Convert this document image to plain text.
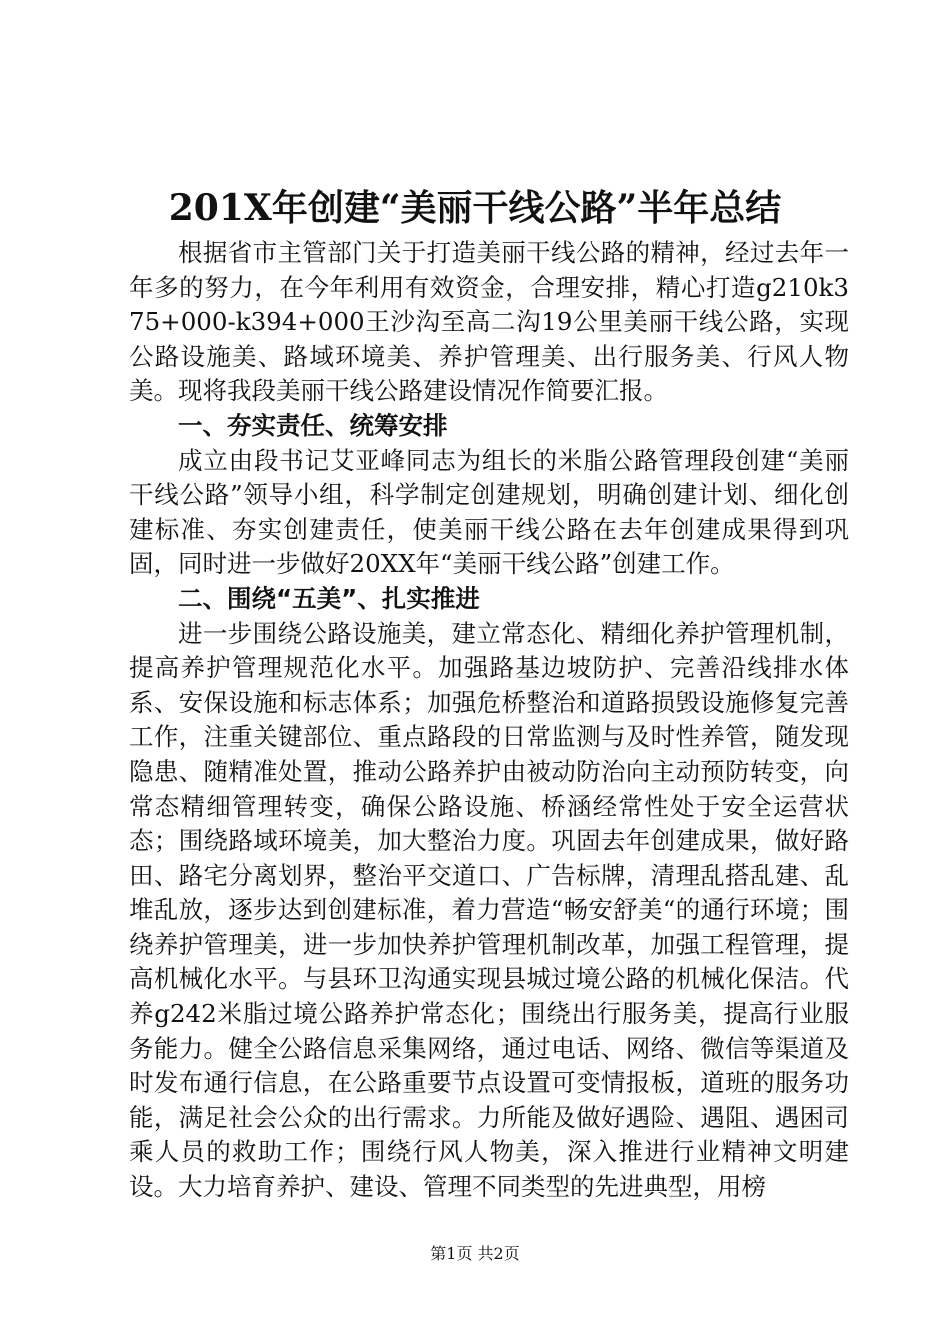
201X年创建“美丽干线公路”半年总结

根据省市主管部门关于打造美丽干线公路的精神，经过去年一年多的努力，在今年利用有效资金，合理安排，精心打造g210k375+000-k394+000王沙沟至高二沟19公里美丽干线公路，实现公路设施美、路域环境美、养护管理美、出行服务美、行风人物美。现将我段美丽干线公路建设情况作简要汇报。

一、夯实责任、统筹安排

成立由段书记艾亚峰同志为组长的米脂公路管理段创建“美丽干线公路”领导小组，科学制定创建规划，明确创建计划、细化创建标准、夯实创建责任，使美丽干线公路在去年创建成果得到巩固，同时进一步做好20XX年“美丽干线公路”创建工作。

二、围绕“五美”、扎实推进

进一步围绕公路设施美，建立常态化、精细化养护管理机制，提高养护管理规范化水平。加强路基边坡防护、完善沿线排水体系、安保设施和标志体系；加强危桥整治和道路损毁设施修复完善工作，注重关键部位、重点路段的日常监测与及时性养管，随发现隐患、随精准处置，推动公路养护由被动防治向主动预防转变，向常态精细管理转变，确保公路设施、桥涵经常性处于安全运营状态；围绕路域环境美，加大整治力度。巩固去年创建成果，做好路田、路宅分离划界，整治平交道口、广告标牌，清理乱搭乱建、乱堆乱放，逐步达到创建标准，着力营造“畅安舒美“的通行环境；围绕养护管理美，进一步加快养护管理机制改革，加强工程管理，提高机械化水平。与县环卫沟通实现县城过境公路的机械化保洁。代养g242米脂过境公路养护常态化；围绕出行服务美，提高行业服务能力。健全公路信息采集网络，通过电话、网络、微信等渠道及时发布通行信息，在公路重要节点设置可变情报板，道班的服务功能，满足社会公众的出行需求。力所能及做好遇险、遇阻、遇困司乘人员的救助工作；围绕行风人物美，深入推进行业精神文明建设。大力培育养护、建设、管理不同类型的先进典型，用榜

第1页 共2页
